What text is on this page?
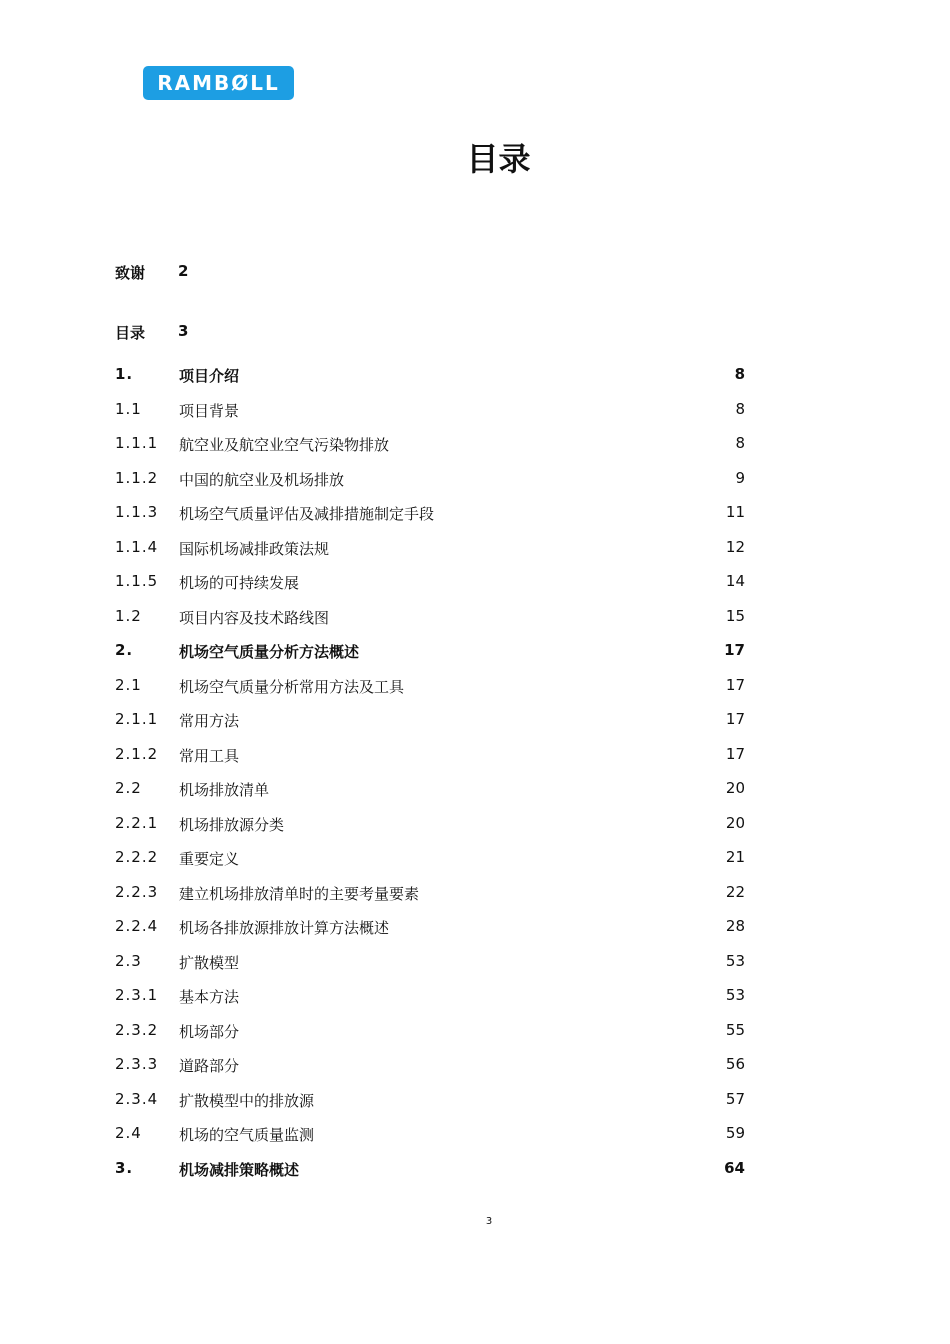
RAMBØLL
目录
致谢 2
目录 3
1.	项目介绍	8
1.1 项目背景	8
1.1.1 航空业及航空业空气污染物排放	8
1.1.2 中国的航空业及机场排放	9
1.1.3 机场空气质量评估及减排措施制定手段	11
1.1.4 国际机场减排政策法规	12
1.1.5 机场的可持续发展	14
1.2 项目内容及技术路线图	15
2.	机场空气质量分析方法概述	17
2.1 机场空气质量分析常用方法及工具	17
2.1.1 常用方法	17
2.1.2 常用工具	17
2.2 机场排放清单	20
2.2.1 机场排放源分类	20
2.2.2 重要定义	21
2.2.3 建立机场排放清单时的主要考量要素	22
2.2.4 机场各排放源排放计算方法概述	28
2.3 扩散模型	53
2.3.1 基本方法	53
2.3.2 机场部分	55
2.3.3 道路部分	56
2.3.4 扩散模型中的排放源	57
2.4 机场的空气质量监测	59
3.	机场减排策略概述	64
3
